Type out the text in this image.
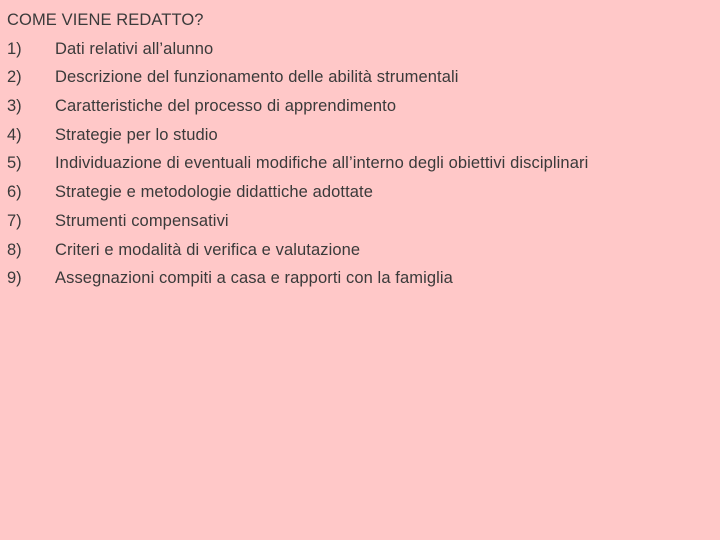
COME VIENE REDATTO?
1)	Dati relativi all’alunno
2)	Descrizione del funzionamento delle abilità strumentali
3)	Caratteristiche del processo di apprendimento
4)	Strategie per lo studio
5)	Individuazione di eventuali modifiche all’interno degli obiettivi disciplinari
6)	Strategie e metodologie didattiche adottate
7)	Strumenti compensativi
8)	Criteri e modalità di verifica e valutazione
9)	Assegnazioni compiti a casa e rapporti con la famiglia
